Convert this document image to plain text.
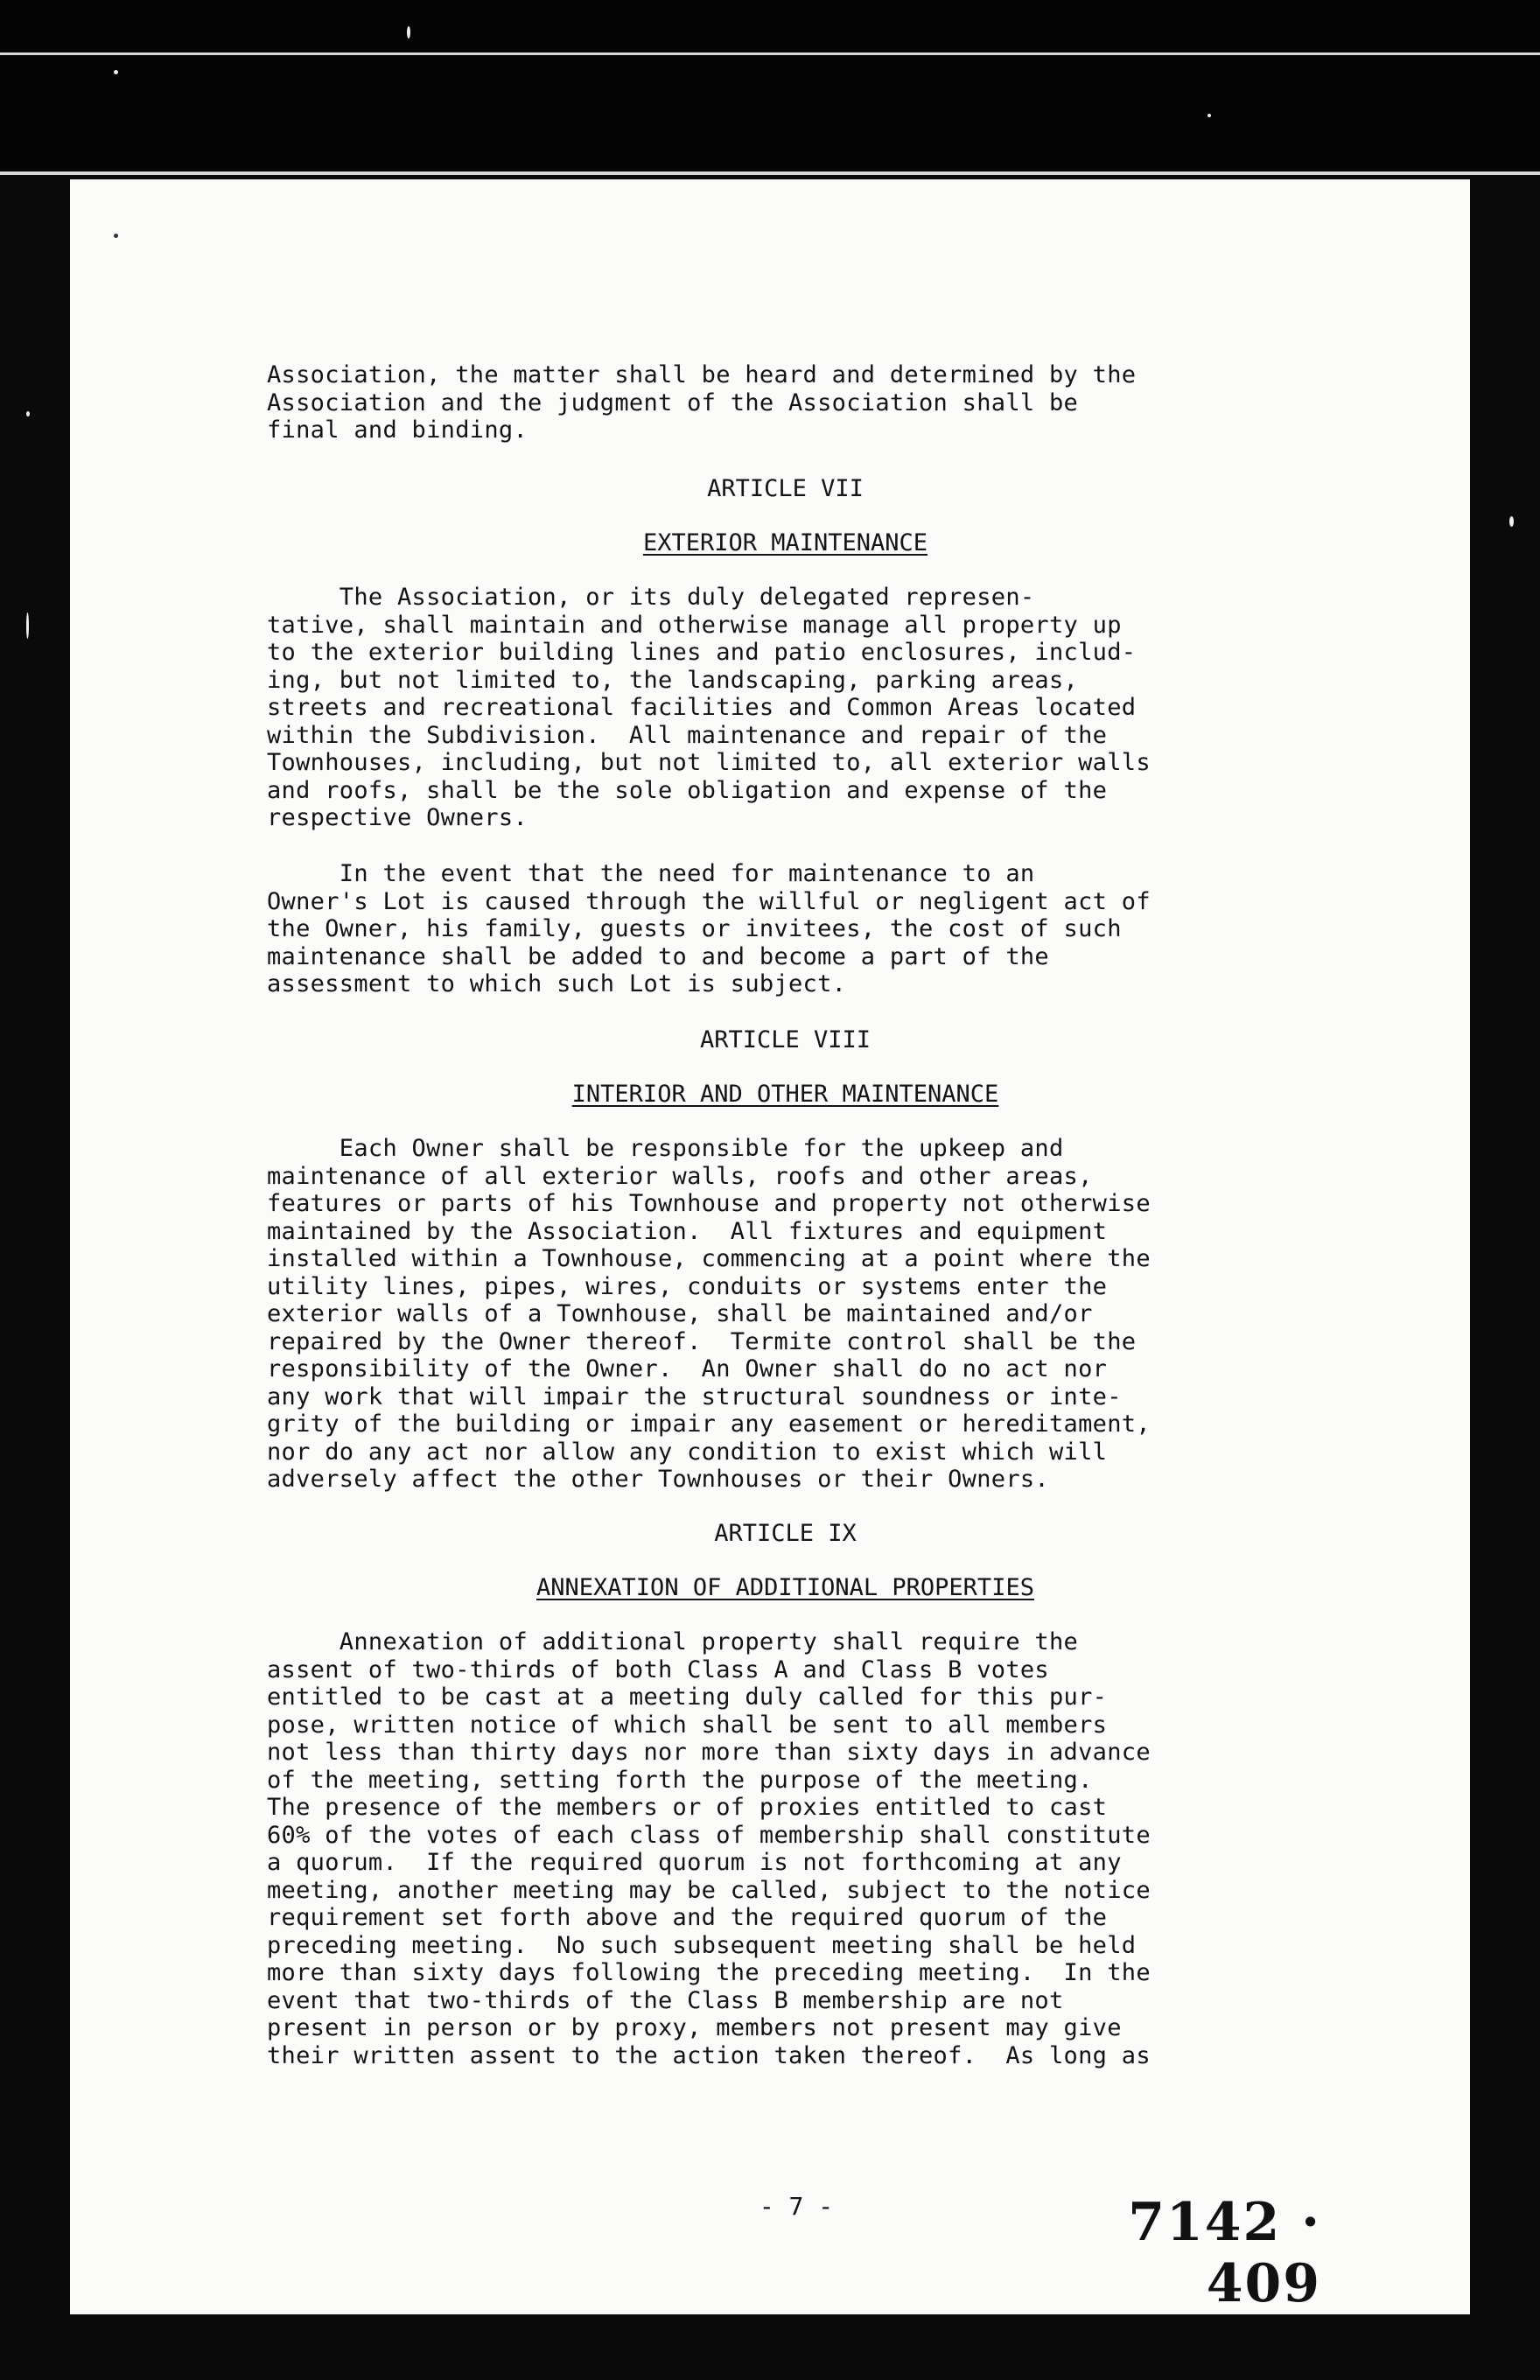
Association, the matter shall be heard and determined by the
Association and the judgment of the Association shall be
final and binding.
ARTICLE VII
EXTERIOR MAINTENANCE
The Association, or its duly delegated represen-
tative, shall maintain and otherwise manage all property up
to the exterior building lines and patio enclosures, includ-
ing, but not limited to, the landscaping, parking areas,
streets and recreational facilities and Common Areas located
within the Subdivision.  All maintenance and repair of the
Townhouses, including, but not limited to, all exterior walls
and roofs, shall be the sole obligation and expense of the
respective Owners.
In the event that the need for maintenance to an
Owner's Lot is caused through the willful or negligent act of
the Owner, his family, guests or invitees, the cost of such
maintenance shall be added to and become a part of the
assessment to which such Lot is subject.
ARTICLE VIII
INTERIOR AND OTHER MAINTENANCE
Each Owner shall be responsible for the upkeep and
maintenance of all exterior walls, roofs and other areas,
features or parts of his Townhouse and property not otherwise
maintained by the Association.  All fixtures and equipment
installed within a Townhouse, commencing at a point where the
utility lines, pipes, wires, conduits or systems enter the
exterior walls of a Townhouse, shall be maintained and/or
repaired by the Owner thereof.  Termite control shall be the
responsibility of the Owner.  An Owner shall do no act nor
any work that will impair the structural soundness or inte-
grity of the building or impair any easement or hereditament,
nor do any act nor allow any condition to exist which will
adversely affect the other Townhouses or their Owners.
ARTICLE IX
ANNEXATION OF ADDITIONAL PROPERTIES
Annexation of additional property shall require the
assent of two-thirds of both Class A and Class B votes
entitled to be cast at a meeting duly called for this pur-
pose, written notice of which shall be sent to all members
not less than thirty days nor more than sixty days in advance
of the meeting, setting forth the purpose of the meeting.
The presence of the members or of proxies entitled to cast
60% of the votes of each class of membership shall constitute
a quorum.  If the required quorum is not forthcoming at any
meeting, another meeting may be called, subject to the notice
requirement set forth above and the required quorum of the
preceding meeting.  No such subsequent meeting shall be held
more than sixty days following the preceding meeting.  In the
event that two-thirds of the Class B membership are not
present in person or by proxy, members not present may give
their written assent to the action taken thereof.  As long as
- 7 -	7142 · 409
